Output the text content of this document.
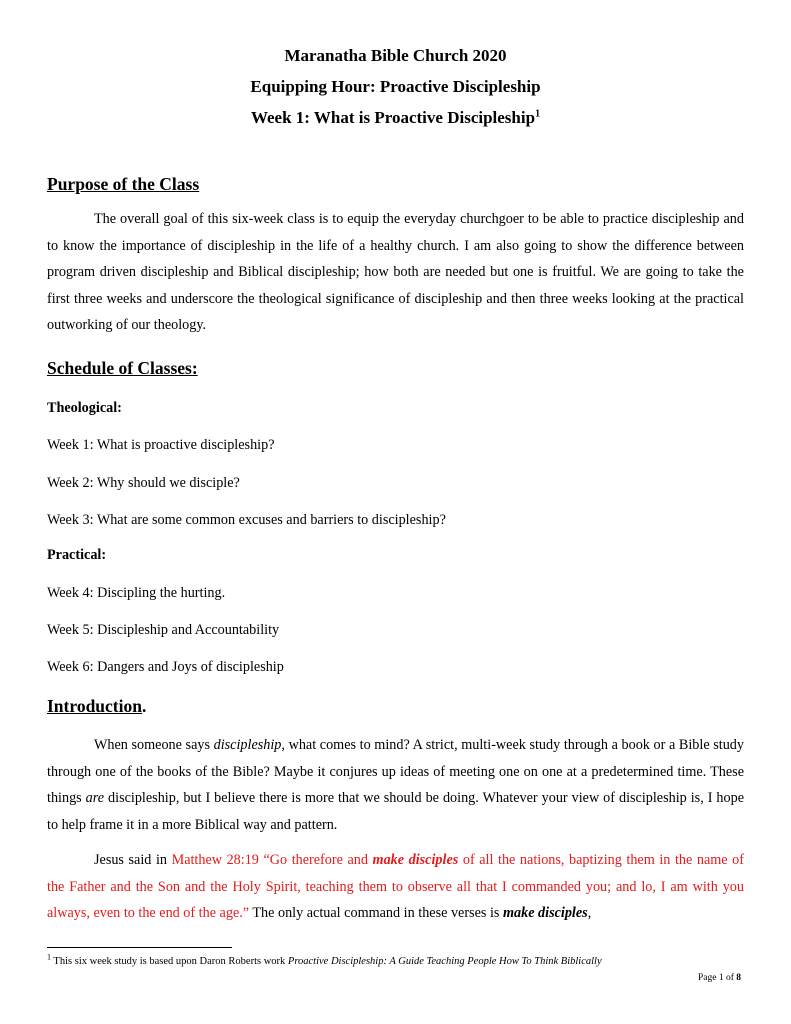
Maranatha Bible Church 2020
Equipping Hour: Proactive Discipleship
Week 1: What is Proactive Discipleship$^1$
Purpose of the Class
The overall goal of this six-week class is to equip the everyday churchgoer to be able to practice discipleship and to know the importance of discipleship in the life of a healthy church. I am also going to show the difference between program driven discipleship and Biblical discipleship; how both are needed but one is fruitful. We are going to take the first three weeks and underscore the theological significance of discipleship and then three weeks looking at the practical outworking of our theology.
Schedule of Classes:
Theological:
Week 1: What is proactive discipleship?
Week 2: Why should we disciple?
Week 3: What are some common excuses and barriers to discipleship?
Practical:
Week 4: Discipling the hurting.
Week 5: Discipleship and Accountability
Week 6: Dangers and Joys of discipleship
Introduction.
When someone says discipleship, what comes to mind? A strict, multi-week study through a book or a Bible study through one of the books of the Bible? Maybe it conjures up ideas of meeting one on one at a predetermined time. These things are discipleship, but I believe there is more that we should be doing. Whatever your view of discipleship is, I hope to help frame it in a more Biblical way and pattern.
Jesus said in Matthew 28:19 “Go therefore and make disciples of all the nations, baptizing them in the name of the Father and the Son and the Holy Spirit, teaching them to observe all that I commanded you; and lo, I am with you always, even to the end of the age.” The only actual command in these verses is make disciples,
$^1$ This six week study is based upon Daron Roberts work Proactive Discipleship: A Guide Teaching People How To Think Biblically
Page 1 of 8
